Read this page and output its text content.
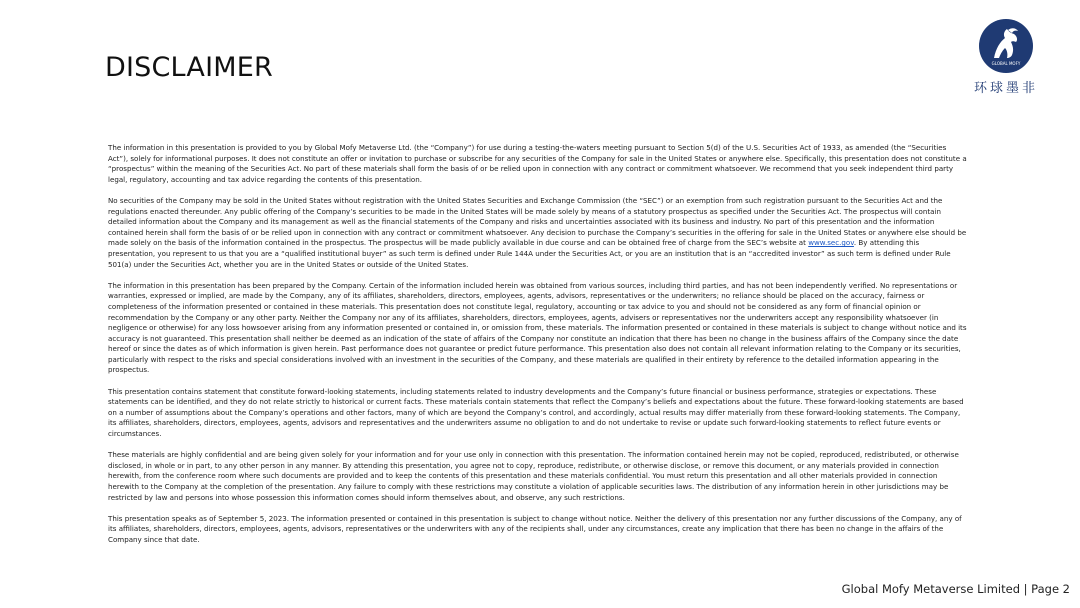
DISCLAIMER	GLOBAL MOFY
环球墨非

The information in this presentation is provided to you by Global Mofy Metaverse Ltd. (the “Company”) for use during a testing-the-waters meeting pursuant to Section 5(d) of the U.S. Securities Act of 1933, as amended (the “Securities Act”), solely for informational purposes. It does not constitute an offer or invitation to purchase or subscribe for any securities of the Company for sale in the United States or anywhere else. Specifically, this presentation does not constitute a “prospectus” within the meaning of the Securities Act. No part of these materials shall form the basis of or be relied upon in connection with any contract or commitment whatsoever. We recommend that you seek independent third party legal, regulatory, accounting and tax advice regarding the contents of this presentation.

No securities of the Company may be sold in the United States without registration with the United States Securities and Exchange Commission (the “SEC”) or an exemption from such registration pursuant to the Securities Act and the regulations enacted thereunder. Any public offering of the Company’s securities to be made in the United States will be made solely by means of a statutory prospectus as specified under the Securities Act. The prospectus will contain detailed information about the Company and its management as well as the financial statements of the Company and risks and uncertainties associated with its business and industry. No part of this presentation and the information contained herein shall form the basis of or be relied upon in connection with any contract or commitment whatsoever. Any decision to purchase the Company’s securities in the offering for sale in the United States or anywhere else should be made solely on the basis of the information contained in the prospectus. The prospectus will be made publicly available in due course and can be obtained free of charge from the SEC’s website at www.sec.gov. By attending this presentation, you represent to us that you are a “qualified institutional buyer” as such term is defined under Rule 144A under the Securities Act, or you are an institution that is an “accredited investor” as such term is defined under Rule 501(a) under the Securities Act, whether you are in the United States or outside of the United States.

The information in this presentation has been prepared by the Company. Certain of the information included herein was obtained from various sources, including third parties, and has not been independently verified. No representations or warranties, expressed or implied, are made by the Company, any of its affiliates, shareholders, directors, employees, agents, advisors, representatives or the underwriters; no reliance should be placed on the accuracy, fairness or completeness of the information presented or contained in these materials. This presentation does not constitute legal, regulatory, accounting or tax advice to you and should not be considered as any form of financial opinion or recommendation by the Company or any other party. Neither the Company nor any of its affiliates, shareholders, directors, employees, agents, advisers or representatives nor the underwriters accept any responsibility whatsoever (in negligence or otherwise) for any loss howsoever arising from any information presented or contained in, or omission from, these materials. The information presented or contained in these materials is subject to change without notice and its accuracy is not guaranteed. This presentation shall neither be deemed as an indication of the state of affairs of the Company nor constitute an indication that there has been no change in the business affairs of the Company since the date hereof or since the dates as of which information is given herein. Past performance does not guarantee or predict future performance. This presentation also does not contain all relevant information relating to the Company or its securities, particularly with respect to the risks and special considerations involved with an investment in the securities of the Company, and these materials are qualified in their entirety by reference to the detailed information appearing in the prospectus.

This presentation contains statement that constitute forward-looking statements, including statements related to industry developments and the Company’s future financial or business performance, strategies or expectations. These statements can be identified, and they do not relate strictly to historical or current facts. These materials contain statements that reflect the Company’s beliefs and expectations about the future. These forward-looking statements are based on a number of assumptions about the Company’s operations and other factors, many of which are beyond the Company’s control, and accordingly, actual results may differ materially from these forward-looking statements. The Company, its affiliates, shareholders, directors, employees, agents, advisors and representatives and the underwriters assume no obligation to and do not undertake to revise or update such forward-looking statements to reflect future events or circumstances.

These materials are highly confidential and are being given solely for your information and for your use only in connection with this presentation. The information contained herein may not be copied, reproduced, redistributed, or otherwise disclosed, in whole or in part, to any other person in any manner. By attending this presentation, you agree not to copy, reproduce, redistribute, or otherwise disclose, or remove this document, or any materials provided in connection herewith, from the conference room where such documents are provided and to keep the contents of this presentation and these materials confidential. You must return this presentation and all other materials provided in connection herewith to the Company at the completion of the presentation. Any failure to comply with these restrictions may constitute a violation of applicable securities laws. The distribution of any information herein in other jurisdictions may be restricted by law and persons into whose possession this information comes should inform themselves about, and observe, any such restrictions.

This presentation speaks as of September 5, 2023. The information presented or contained in this presentation is subject to change without notice. Neither the delivery of this presentation nor any further discussions of the Company, any of its affiliates, shareholders, directors, employees, agents, advisors, representatives or the underwriters with any of the recipients shall, under any circumstances, create any implication that there has been no change in the affairs of the Company since that date.

Global Mofy Metaverse Limited | Page 2
